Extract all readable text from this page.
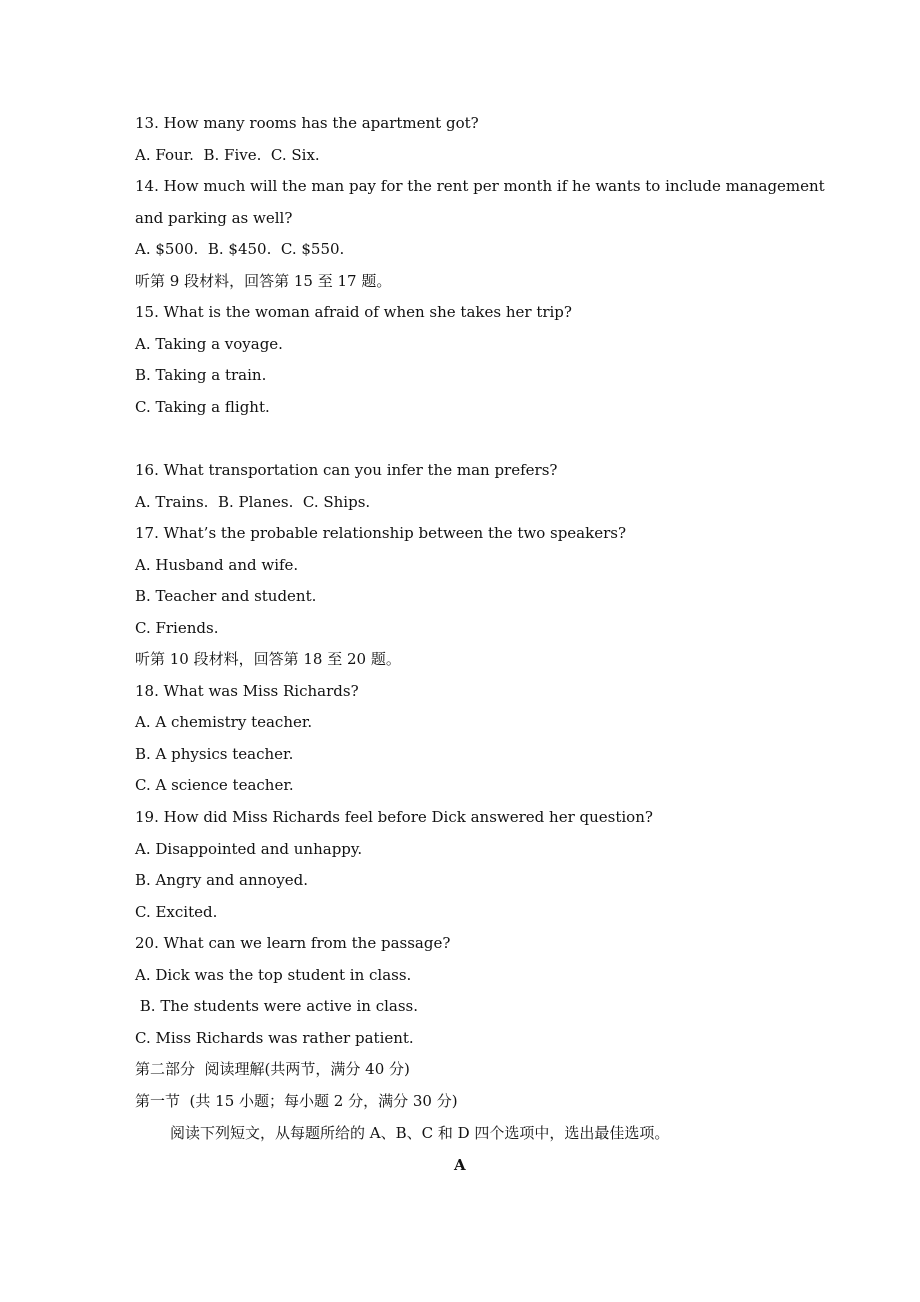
13. How many rooms has the apartment got?
A. Four.  B. Five.  C. Six.
14. How much will the man pay for the rent per month if he wants to include management
and parking as well?
A. $500.  B. $450.  C. $550.
听第 9 段材料，回答第 15 至 17 题。
15. What is the woman afraid of when she takes her trip?
A. Taking a voyage.
B. Taking a train.
C. Taking a flight.
16. What transportation can you infer the man prefers?
A. Trains.  B. Planes.  C. Ships.
17. What’s the probable relationship between the two speakers?
A. Husband and wife.
B. Teacher and student.
C. Friends.
听第 10 段材料，回答第 18 至 20 题。
18. What was Miss Richards?
A. A chemistry teacher.
B. A physics teacher.
C. A science teacher.
19. How did Miss Richards feel before Dick answered her question?
A. Disappointed and unhappy.
B. Angry and annoyed.
C. Excited.
20. What can we learn from the passage?
A. Dick was the top student in class.
B. The students were active in class.
C. Miss Richards was rather patient.
第二部分  阅读理解(共两节，满分 40 分)
第一节  (共 15 小题；每小题 2 分，满分 30 分)
阅读下列短文，从每题所给的 A、B、C 和 D 四个选项中，选出最佳选项。
A
